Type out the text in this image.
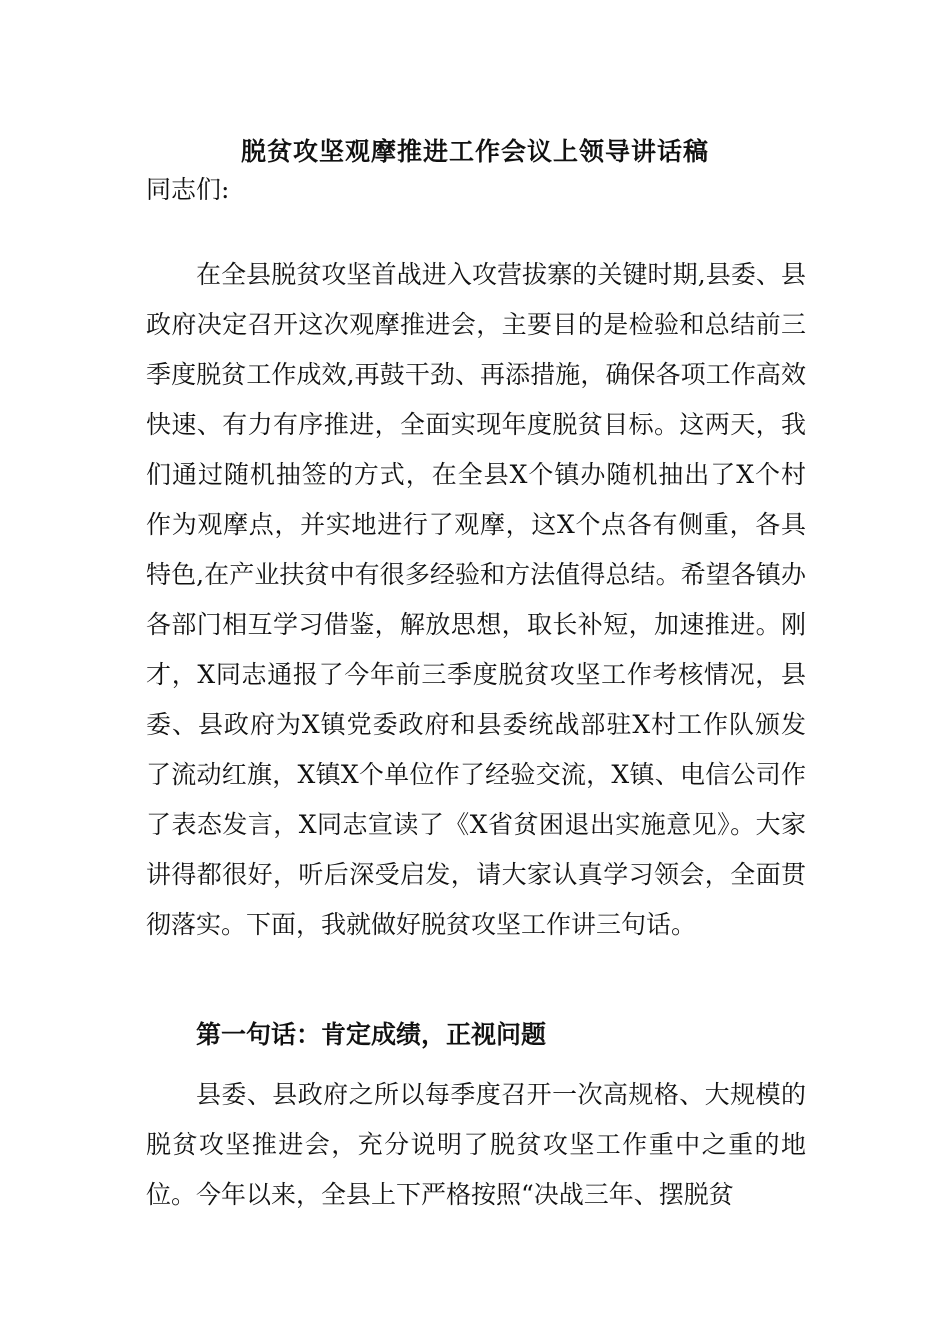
脱贫攻坚观摩推进工作会议上领导讲话稿
同志们:

在全县脱贫攻坚首战进入攻营拔寨的关键时期,县委、县政府决定召开这次观摩推进会，主要目的是检验和总结前三季度脱贫工作成效,再鼓干劲、再添措施，确保各项工作高效快速、有力有序推进，全面实现年度脱贫目标。这两天，我们通过随机抽签的方式，在全县X个镇办随机抽出了X个村作为观摩点，并实地进行了观摩，这X个点各有侧重，各具特色,在产业扶贫中有很多经验和方法值得总结。希望各镇办各部门相互学习借鉴，解放思想，取长补短，加速推进。刚才，X同志通报了今年前三季度脱贫攻坚工作考核情况，县委、县政府为X镇党委政府和县委统战部驻X村工作队颁发了流动红旗，X镇X个单位作了经验交流，X镇、电信公司作了表态发言，X同志宣读了《X省贫困退出实施意见》。大家讲得都很好，听后深受启发，请大家认真学习领会，全面贯彻落实。下面，我就做好脱贫攻坚工作讲三句话。

第一句话：肯定成绩，正视问题

县委、县政府之所以每季度召开一次高规格、大规模的脱贫攻坚推进会，充分说明了脱贫攻坚工作重中之重的地位。今年以来，全县上下严格按照“决战三年、摆脱贫
